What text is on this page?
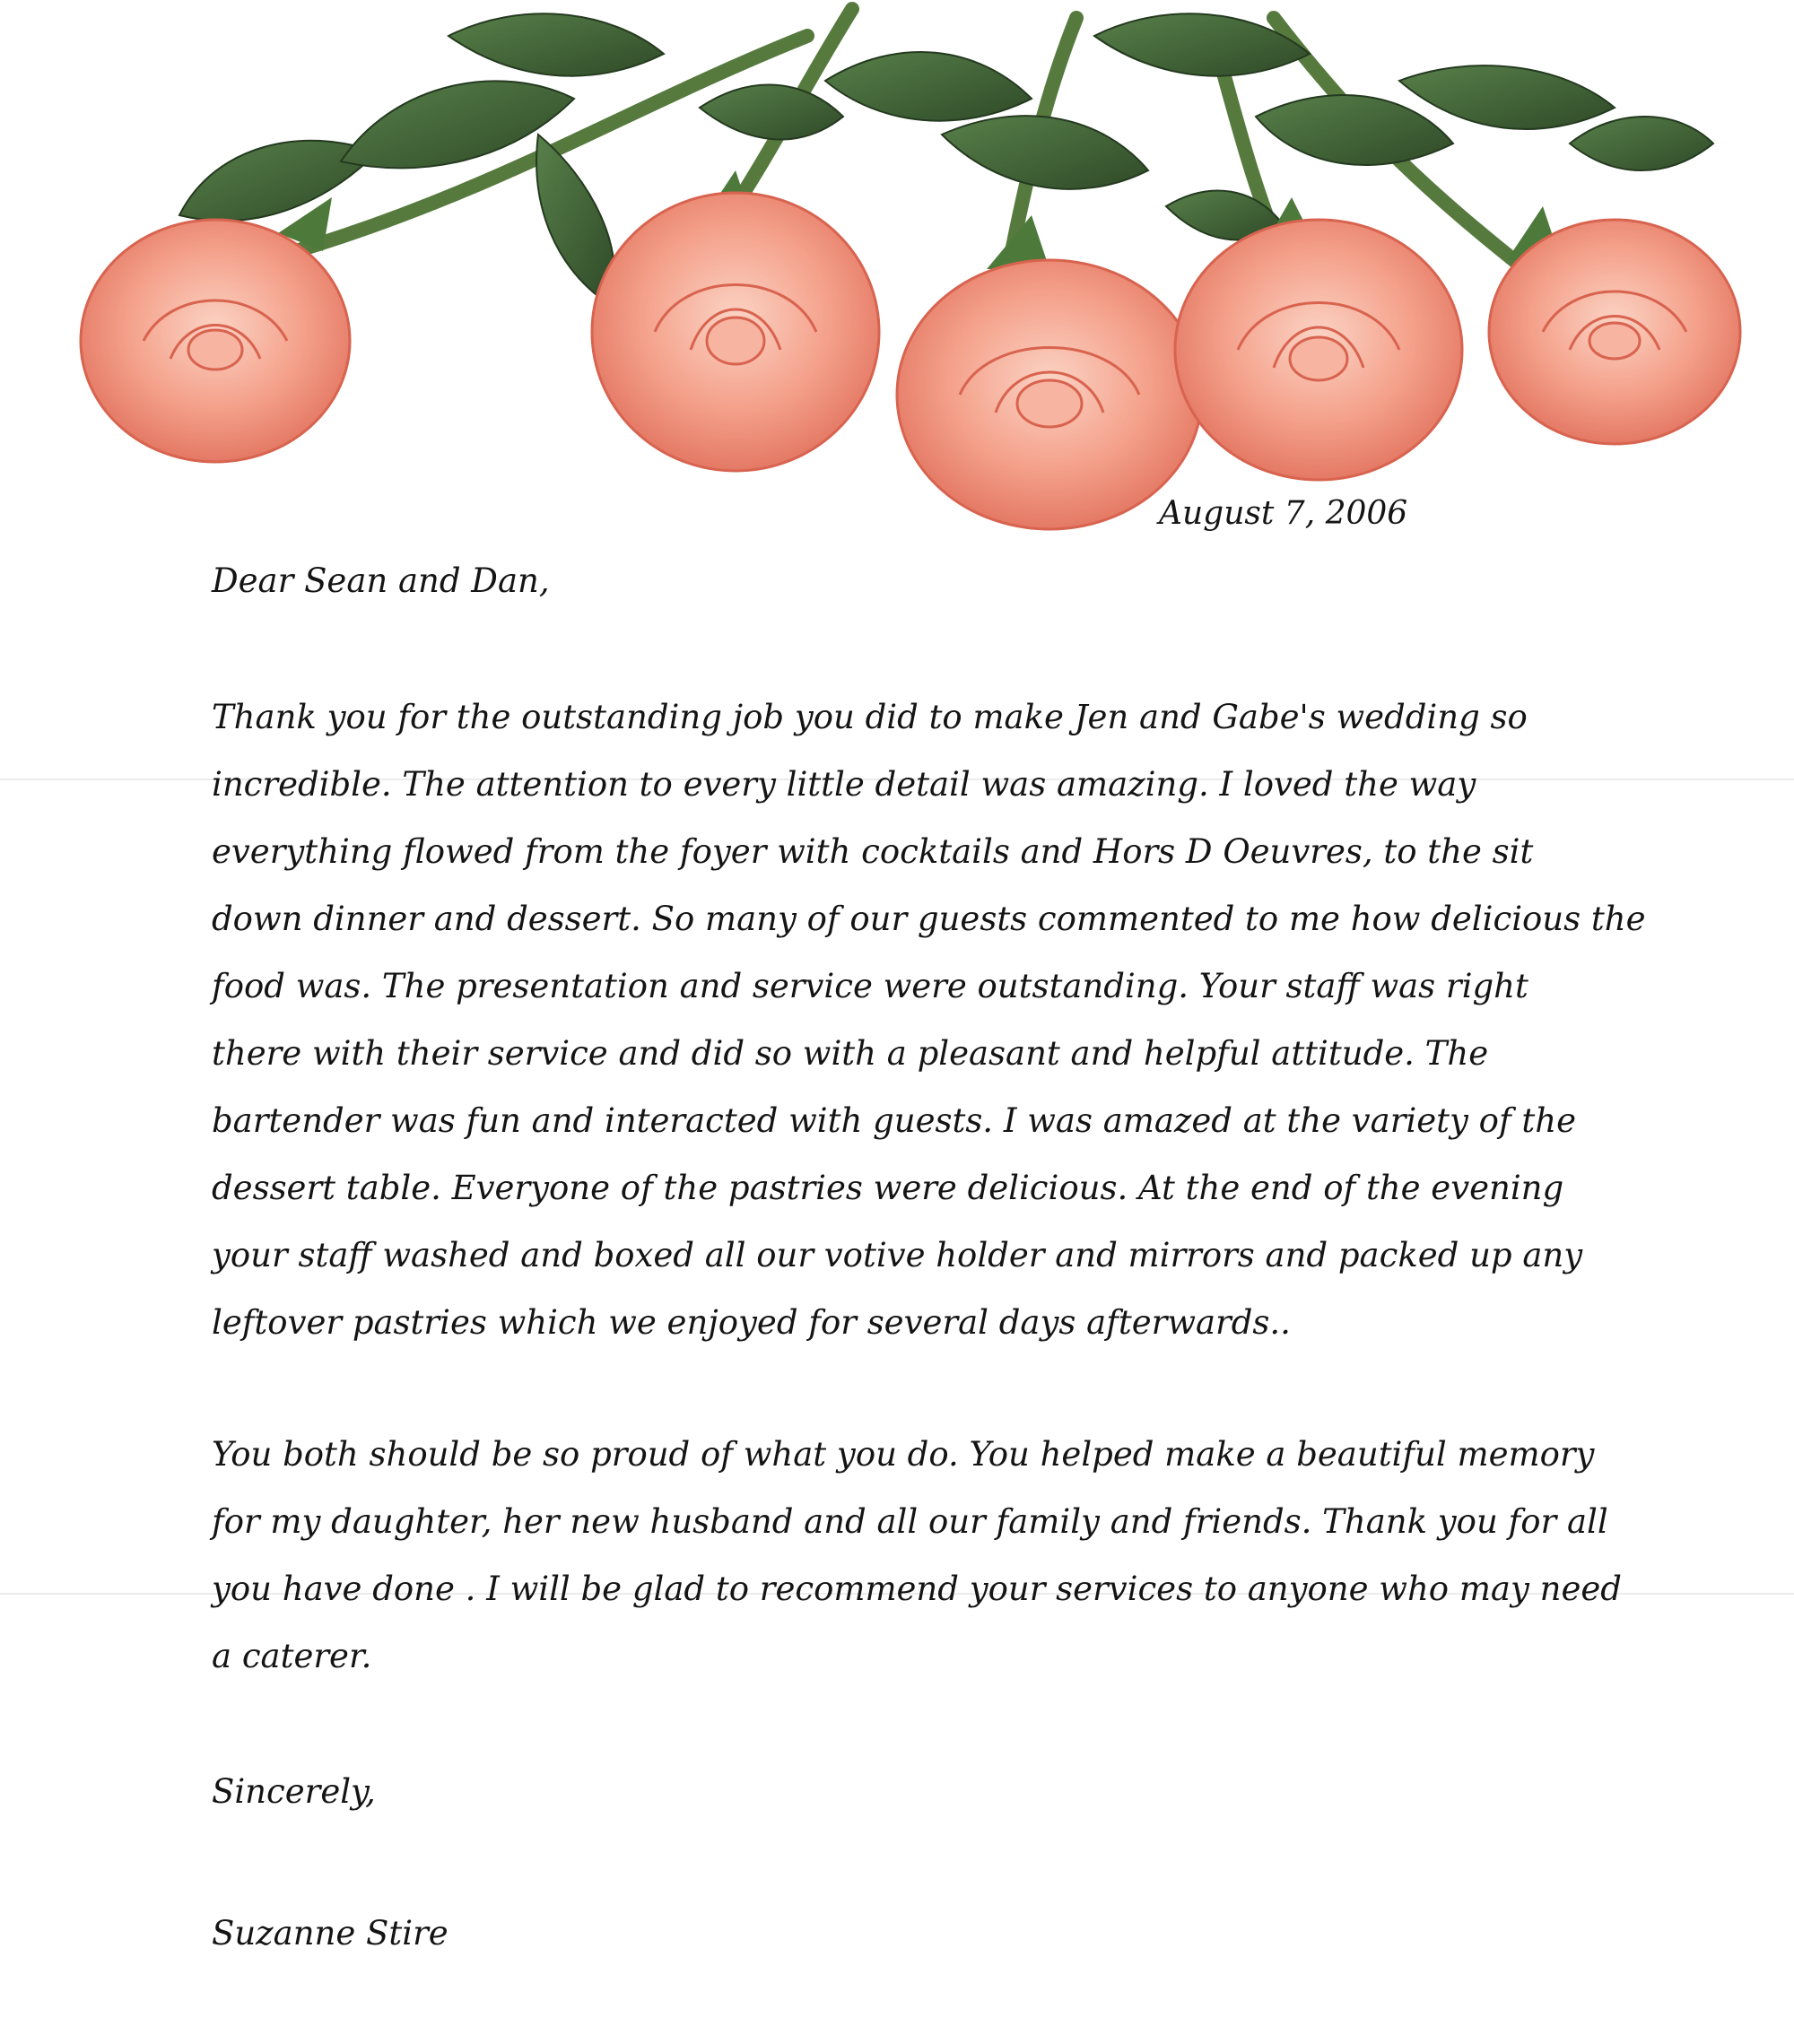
August 7, 2006
Dear Sean and Dan,
Thank you for the outstanding job you did to make Jen and Gabe's wedding so
incredible. The attention to every little detail was amazing. I loved the way
everything flowed from the foyer with cocktails and Hors D Oeuvres, to the sit
down dinner and dessert. So many of our guests commented to me how delicious the
food was. The presentation and service were outstanding. Your staff was right
there with their service and did so with a pleasant and helpful attitude. The
bartender was fun and interacted with guests. I was amazed at the variety of the
dessert table. Everyone of the pastries were delicious. At the end of the evening
your staff washed and boxed all our votive holder and mirrors and packed up any
leftover pastries which we enjoyed for several days afterwards..
You both should be so proud of what you do. You helped make a beautiful memory
for my daughter, her new husband and all our family and friends. Thank you for all
you have done . I will be glad to recommend your services to anyone who may need
a caterer.
Sincerely,
Suzanne Stire
